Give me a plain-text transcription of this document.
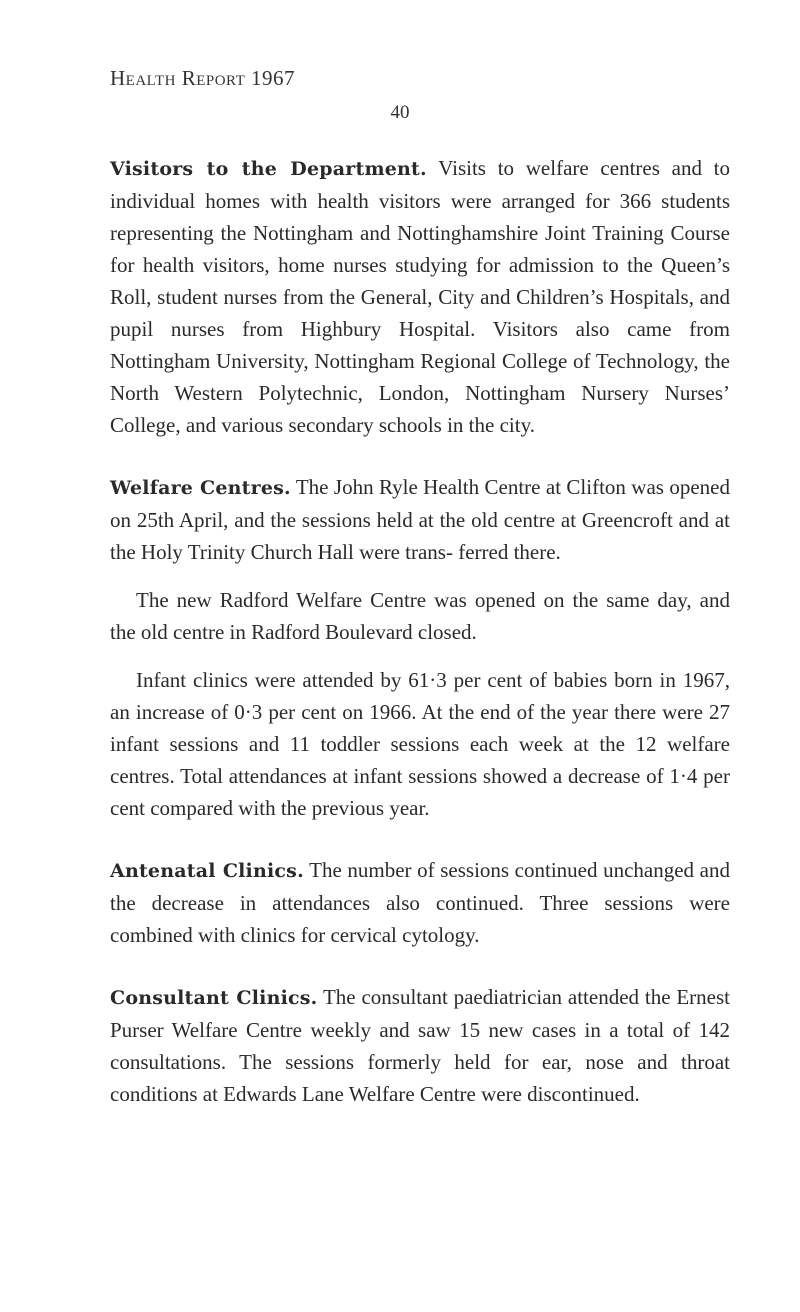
Health Report 1967
40

Visitors to the Department. Visits to welfare centres and to individual homes with health visitors were arranged for 366 students representing the Nottingham and Nottinghamshire Joint Training Course for health visitors, home nurses studying for admission to the Queen’s Roll, student nurses from the General, City and Children’s Hospitals, and pupil nurses from Highbury Hospital. Visitors also came from Nottingham University, Nottingham Regional College of Technology, the North Western Polytechnic, London, Nottingham Nursery Nurses’ College, and various secondary schools in the city.

Welfare Centres. The John Ryle Health Centre at Clifton was opened on 25th April, and the sessions held at the old centre at Greencroft and at the Holy Trinity Church Hall were trans- ferred there.

The new Radford Welfare Centre was opened on the same day, and the old centre in Radford Boulevard closed.

Infant clinics were attended by 61·3 per cent of babies born in 1967, an increase of 0·3 per cent on 1966. At the end of the year there were 27 infant sessions and 11 toddler sessions each week at the 12 welfare centres. Total attendances at infant sessions showed a decrease of 1·4 per cent compared with the previous year.

Antenatal Clinics. The number of sessions continued unchanged and the decrease in attendances also continued. Three sessions were combined with clinics for cervical cytology.

Consultant Clinics. The consultant paediatrician attended the Ernest Purser Welfare Centre weekly and saw 15 new cases in a total of 142 consultations. The sessions formerly held for ear, nose and throat conditions at Edwards Lane Welfare Centre were discontinued.
